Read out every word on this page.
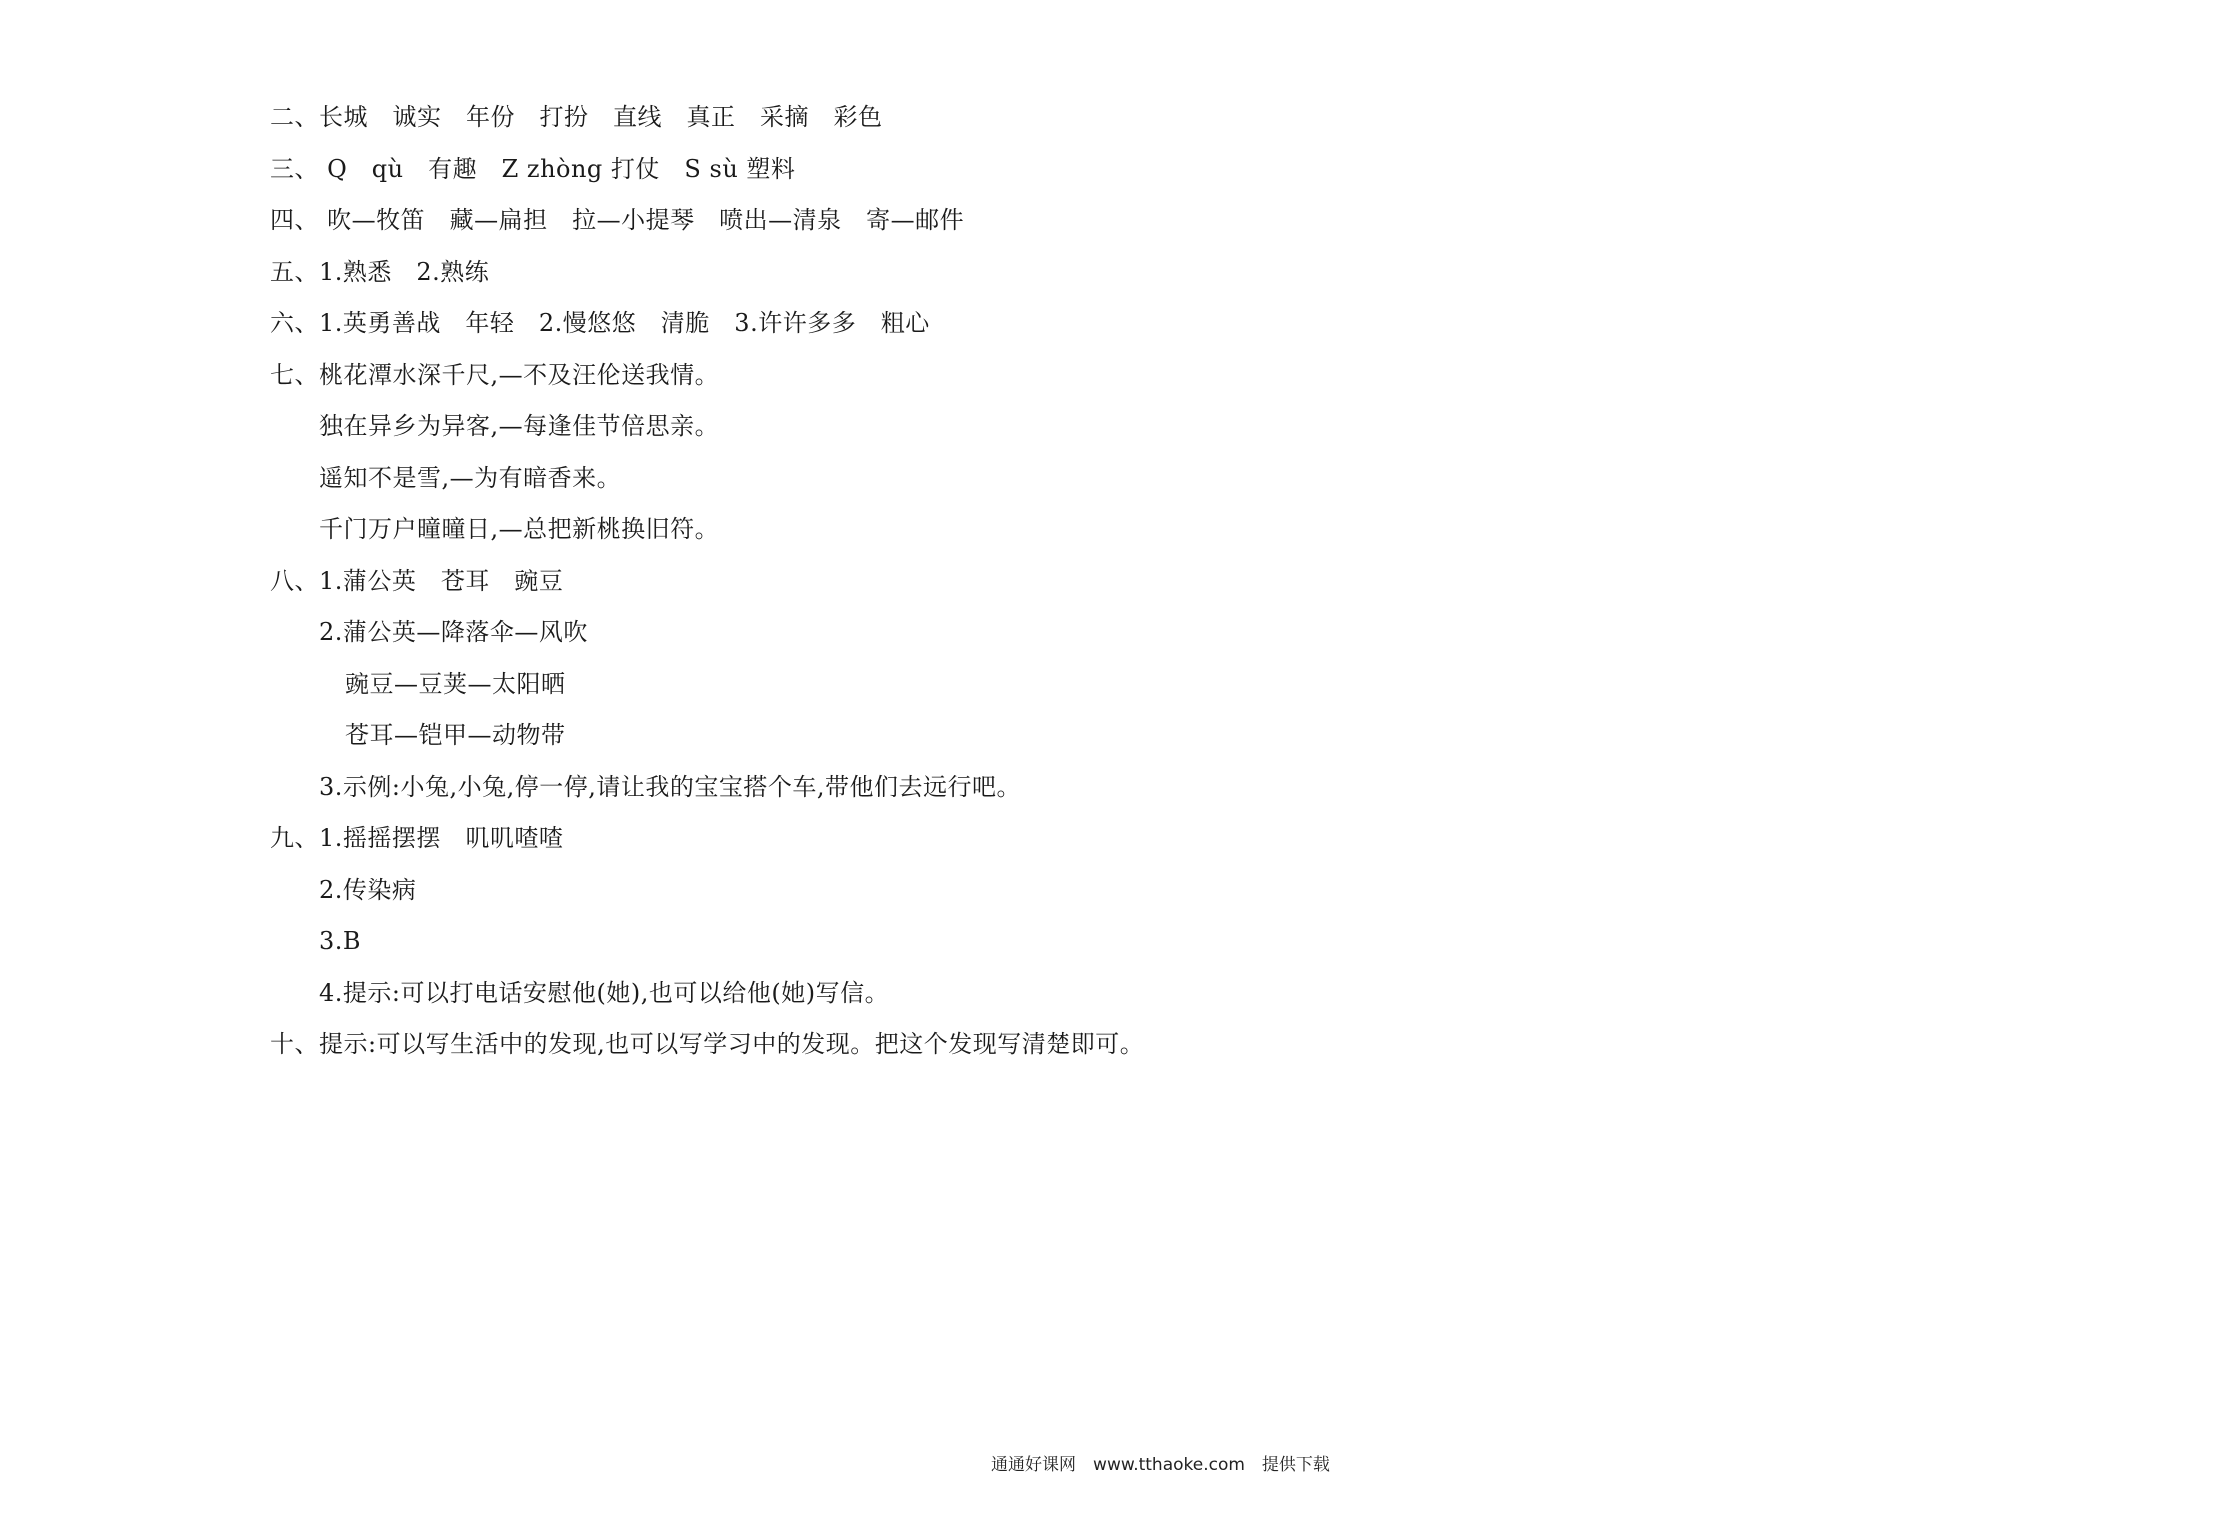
二、长城　诚实　年份　打扮　直线　真正　采摘　彩色
三、 Q　qù　有趣　Z zhòng 打仗　S sù 塑料
四、 吹—牧笛　藏—扁担　拉—小提琴　喷出—清泉　寄—邮件
五、1.熟悉　2.熟练
六、1.英勇善战　年轻　2.慢悠悠　清脆　3.许许多多　粗心
七、桃花潭水深千尺,—不及汪伦送我情。
独在异乡为异客,—每逢佳节倍思亲。
遥知不是雪,—为有暗香来。
千门万户曈曈日,—总把新桃换旧符。
八、1.蒲公英　苍耳　豌豆
2.蒲公英—降落伞—风吹
豌豆—豆荚—太阳晒
苍耳—铠甲—动物带
3.示例:小兔,小兔,停一停,请让我的宝宝搭个车,带他们去远行吧。
九、1.摇摇摆摆　叽叽喳喳
2.传染病
3.B
4.提示:可以打电话安慰他(她),也可以给他(她)写信。
十、提示:可以写生活中的发现,也可以写学习中的发现。把这个发现写清楚即可。
通通好课网　www.tthaoke.com　提供下载
